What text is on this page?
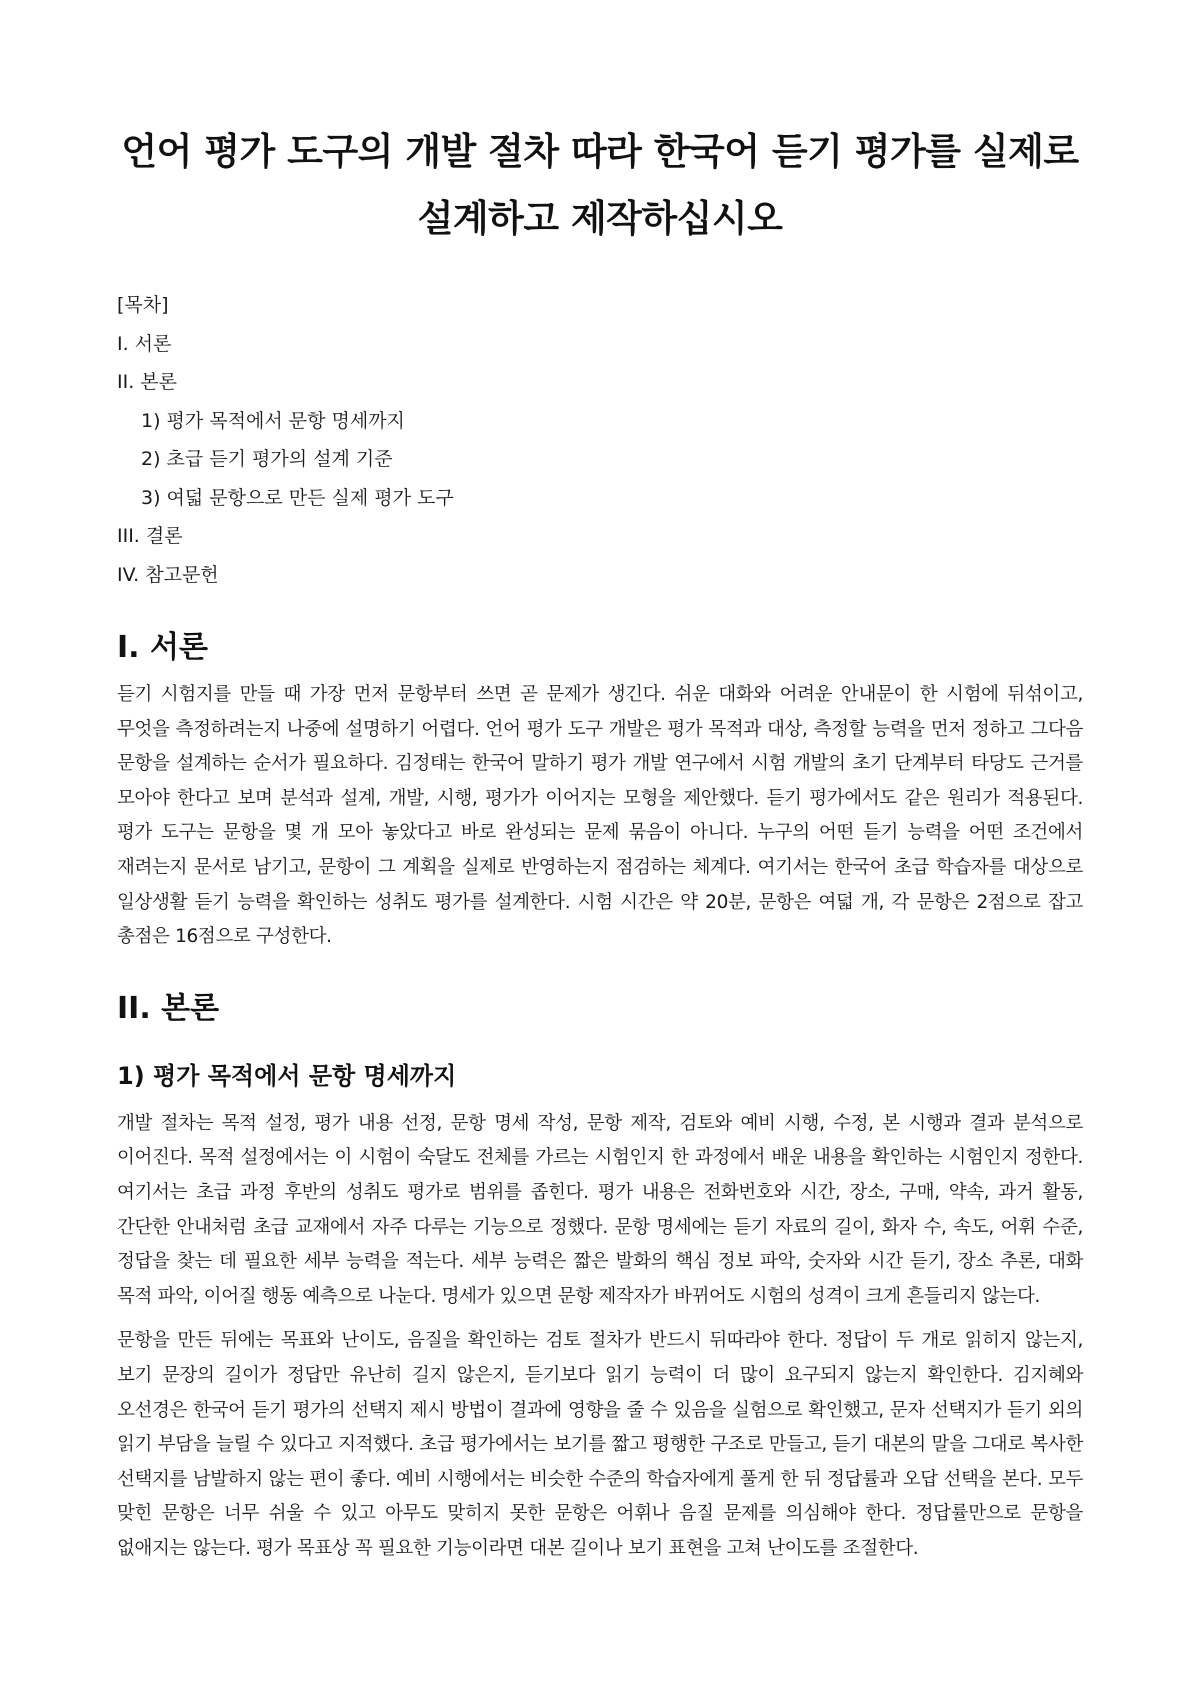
언어 평가 도구의 개발 절차 따라 한국어 듣기 평가를 실제로 설계하고 제작하십시오
[목차]
I. 서론
II. 본론
1) 평가 목적에서 문항 명세까지
2) 초급 듣기 평가의 설계 기준
3) 여덟 문항으로 만든 실제 평가 도구
III. 결론
IV. 참고문헌
I. 서론

듣기 시험지를 만들 때 가장 먼저 문항부터 쓰면 곧 문제가 생긴다. 쉬운 대화와 어려운 안내문이 한 시험에 뒤섞이고, 무엇을 측정하려는지 나중에 설명하기 어렵다. 언어 평가 도구 개발은 평가 목적과 대상, 측정할 능력을 먼저 정하고 그다음 문항을 설계하는 순서가 필요하다. 김정태는 한국어 말하기 평가 개발 연구에서 시험 개발의 초기 단계부터 타당도 근거를 모아야 한다고 보며 분석과 설계, 개발, 시행, 평가가 이어지는 모형을 제안했다. 듣기 평가에서도 같은 원리가 적용된다. 평가 도구는 문항을 몇 개 모아 놓았다고 바로 완성되는 문제 묶음이 아니다. 누구의 어떤 듣기 능력을 어떤 조건에서 재려는지 문서로 남기고, 문항이 그 계획을 실제로 반영하는지 점검하는 체계다. 여기서는 한국어 초급 학습자를 대상으로 일상생활 듣기 능력을 확인하는 성취도 평가를 설계한다. 시험 시간은 약 20분, 문항은 여덟 개, 각 문항은 2점으로 잡고 총점은 16점으로 구성한다.

II. 본론
1) 평가 목적에서 문항 명세까지

개발 절차는 목적 설정, 평가 내용 선정, 문항 명세 작성, 문항 제작, 검토와 예비 시행, 수정, 본 시행과 결과 분석으로 이어진다. 목적 설정에서는 이 시험이 숙달도 전체를 가르는 시험인지 한 과정에서 배운 내용을 확인하는 시험인지 정한다. 여기서는 초급 과정 후반의 성취도 평가로 범위를 좁힌다. 평가 내용은 전화번호와 시간, 장소, 구매, 약속, 과거 활동, 간단한 안내처럼 초급 교재에서 자주 다루는 기능으로 정했다. 문항 명세에는 듣기 자료의 길이, 화자 수, 속도, 어휘 수준, 정답을 찾는 데 필요한 세부 능력을 적는다. 세부 능력은 짧은 발화의 핵심 정보 파악, 숫자와 시간 듣기, 장소 추론, 대화 목적 파악, 이어질 행동 예측으로 나눈다. 명세가 있으면 문항 제작자가 바뀌어도 시험의 성격이 크게 흔들리지 않는다.

문항을 만든 뒤에는 목표와 난이도, 음질을 확인하는 검토 절차가 반드시 뒤따라야 한다. 정답이 두 개로 읽히지 않는지, 보기 문장의 길이가 정답만 유난히 길지 않은지, 듣기보다 읽기 능력이 더 많이 요구되지 않는지 확인한다. 김지혜와 오선경은 한국어 듣기 평가의 선택지 제시 방법이 결과에 영향을 줄 수 있음을 실험으로 확인했고, 문자 선택지가 듣기 외의 읽기 부담을 늘릴 수 있다고 지적했다. 초급 평가에서는 보기를 짧고 평행한 구조로 만들고, 듣기 대본의 말을 그대로 복사한 선택지를 남발하지 않는 편이 좋다. 예비 시행에서는 비슷한 수준의 학습자에게 풀게 한 뒤 정답률과 오답 선택을 본다. 모두 맞힌 문항은 너무 쉬울 수 있고 아무도 맞히지 못한 문항은 어휘나 음질 문제를 의심해야 한다. 정답률만으로 문항을 없애지는 않는다. 평가 목표상 꼭 필요한 기능이라면 대본 길이나 보기 표현을 고쳐 난이도를 조절한다.
